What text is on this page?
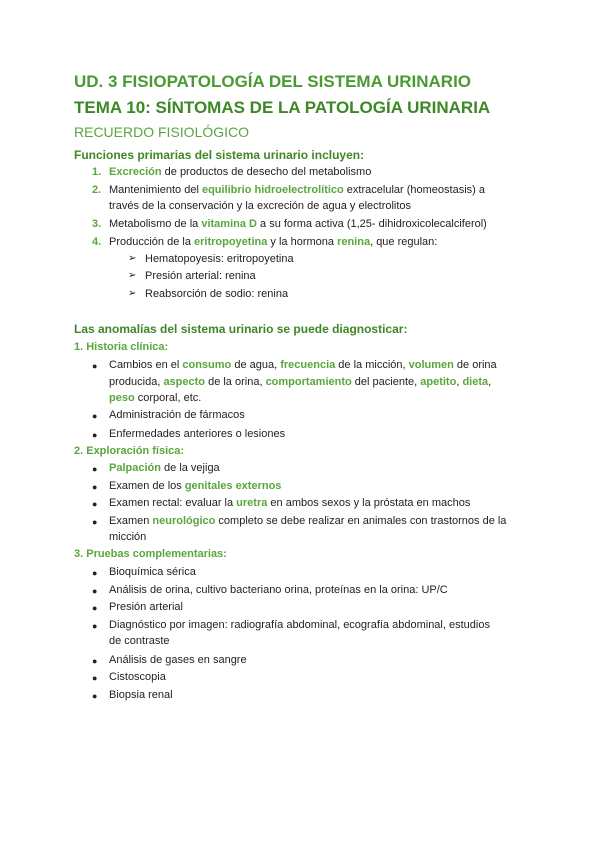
UD. 3 FISIOPATOLOGÍA DEL SISTEMA URINARIO
TEMA 10: SÍNTOMAS DE LA PATOLOGÍA URINARIA
RECUERDO FISIOLÓGICO
Funciones primarias del sistema urinario incluyen:
1. Excreción de productos de desecho del metabolismo
2. Mantenimiento del equilibrio hidroelectrolítico extracelular (homeostasis) a
través de la conservación y la excreción de agua y electrolitos
3. Metabolismo de la vitamina D a su forma activa (1,25- dihidroxicolecalciferol)
4. Producción de la eritropoyetina y la hormona renina, que regulan:
➢ Hematopoyesis: eritropoyetina
➢ Presión arterial: renina
➢ Reabsorción de sodio: renina
Las anomalías del sistema urinario se puede diagnosticar:
1. Historia clínica:
● Cambios en el consumo de agua, frecuencia de la micción, volumen de orina
producida, aspecto de la orina, comportamiento del paciente, apetito, dieta,
peso corporal, etc.
● Administración de fármacos
● Enfermedades anteriores o lesiones
2. Exploración física:
● Palpación de la vejiga
● Examen de los genitales externos
● Examen rectal: evaluar la uretra en ambos sexos y la próstata en machos
● Examen neurológico completo se debe realizar en animales con trastornos de la
micción
3. Pruebas complementarias:
● Bioquímica sérica
● Análisis de orina, cultivo bacteriano orina, proteínas en la orina: UP/C
● Presión arterial
● Diagnóstico por imagen: radiografía abdominal, ecografía abdominal, estudios
de contraste
● Análisis de gases en sangre
● Cistoscopia
● Biopsia renal
